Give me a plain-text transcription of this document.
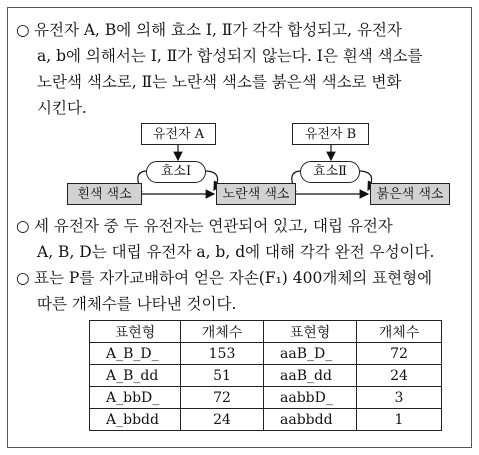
○ 유전자 A, B에 의해 효소 Ⅰ, Ⅱ가 각각 합성되고, 유전자
a, b에 의해서는 Ⅰ, Ⅱ가 합성되지 않는다. Ⅰ은 흰색 색소를
노란색 색소로, Ⅱ는 노란색 색소를 붉은색 색소로 변화
시킨다.
유전자 A	유전자 B
효소Ⅰ	효소Ⅱ
흰색 색소	노란색 색소	붉은색 색소
○ 세 유전자 중 두 유전자는 연관되어 있고, 대립 유전자
A, B, D는 대립 유전자 a, b, d에 대해 각각 완전 우성이다.
○ 표는 P를 자가교배하여 얻은 자손(F₁) 400개체의 표현형에
따른 개체수를 나타낸 것이다.
표현형	개체수	표현형	개체수
A_B_D_	153	aaB_D_	72
A_B_dd	51	aaB_dd	24
A_bbD_	72	aabbD_	3
A_bbdd	24	aabbdd	1
